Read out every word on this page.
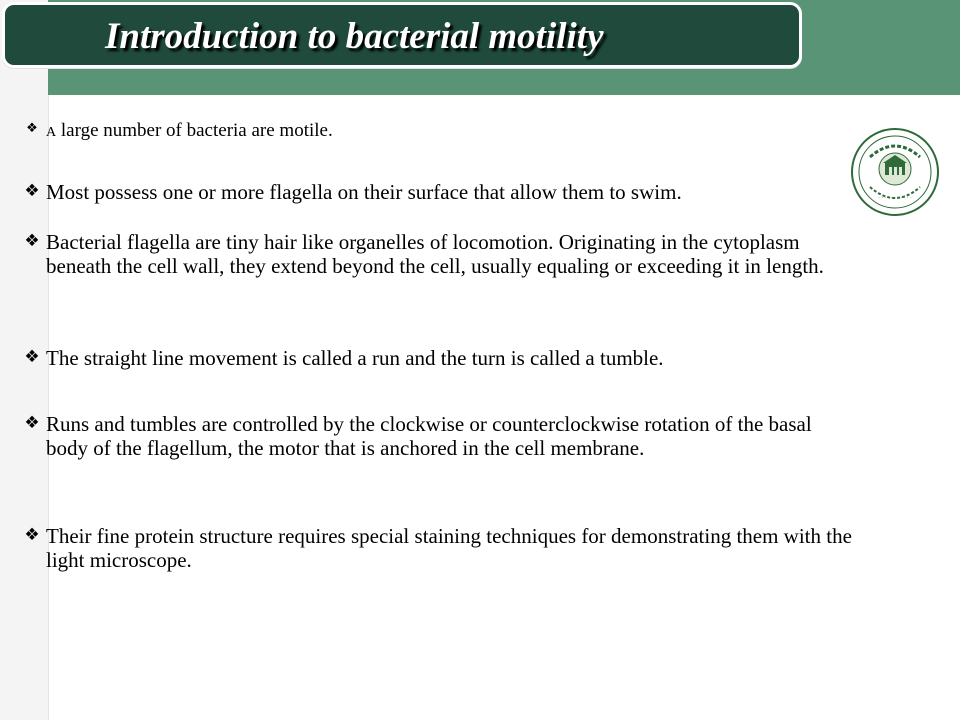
Introduction to bacterial motility
· · · · · · · · · · ·
❖ A large number of bacteria are motile.
❖ Most possess one or more flagella on their surface that allow them to swim.
❖ Bacterial flagella are tiny hair like organelles of locomotion. Originating in the cytoplasm beneath the cell wall, they extend beyond the cell, usually equaling or exceeding it in length.
❖ The straight line movement is called a run and the turn is called a tumble.
❖ Runs and tumbles are controlled by the clockwise or counterclockwise rotation of the basal body of the flagellum, the motor that is anchored in the cell membrane.
❖ Their fine protein structure requires special staining techniques for demonstrating them with the light microscope.
